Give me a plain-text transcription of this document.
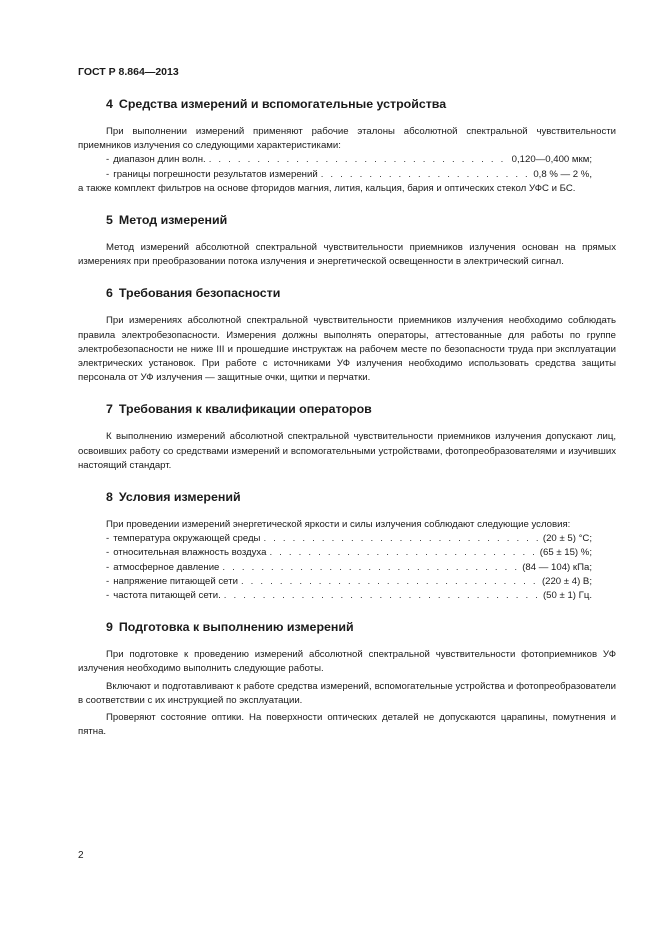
ГОСТ Р 8.864—2013
4 Средства измерений и вспомогательные устройства

При выполнении измерений применяют рабочие эталоны абсолютной спектральной чувствительности приемников излучения со следующими характеристиками:

- диапазон длин волн. . . .	0,120—0,400 мкм;
- границы погрешности результатов измерений . . .	0,8 % — 2 %,

а также комплект фильтров на основе фторидов магния, лития, кальция, бария и оптических стекол УФС и БС.

5 Метод измерений

Метод измерений абсолютной спектральной чувствительности приемников излучения основан на прямых измерениях при преобразовании потока излучения и энергетической освещенности в электрический сигнал.

6 Требования безопасности

При измерениях абсолютной спектральной чувствительности приемников излучения необходимо соблюдать правила электробезопасности. Измерения должны выполнять операторы, аттестованные для работы по группе электробезопасности не ниже III и прошедшие инструктаж на рабочем месте по безопасности труда при эксплуатации электрических установок. При работе с источниками УФ излучения необходимо использовать средства защиты персонала от УФ излучения — защитные очки, щитки и перчатки.

7 Требования к квалификации операторов

К выполнению измерений абсолютной спектральной чувствительности приемников излучения допускают лиц, освоивших работу со средствами измерений и вспомогательными устройствами, фотопреобразователями и изучивших настоящий стандарт.

8 Условия измерений

При проведении измерений энергетической яркости и силы излучения соблюдают следующие условия:

- температура окружающей среды . . .	(20 ± 5) °С;
- относительная влажность воздуха . . .	(65 ± 15) %;
- атмосферное давление . . .	(84 — 104) кПа;
- напряжение питающей сети . . .	(220 ± 4) В;
- частота питающей сети. . . .	(50 ± 1) Гц.
9 Подготовка к выполнению измерений

При подготовке к проведению измерений абсолютной спектральной чувствительности фотоприемников УФ излучения необходимо выполнить следующие работы.

Включают и подготавливают к работе средства измерений, вспомогательные устройства и фотопреобразователи в соответствии с их инструкцией по эксплуатации.

Проверяют состояние оптики. На поверхности оптических деталей не допускаются царапины, помутнения и пятна.

2
